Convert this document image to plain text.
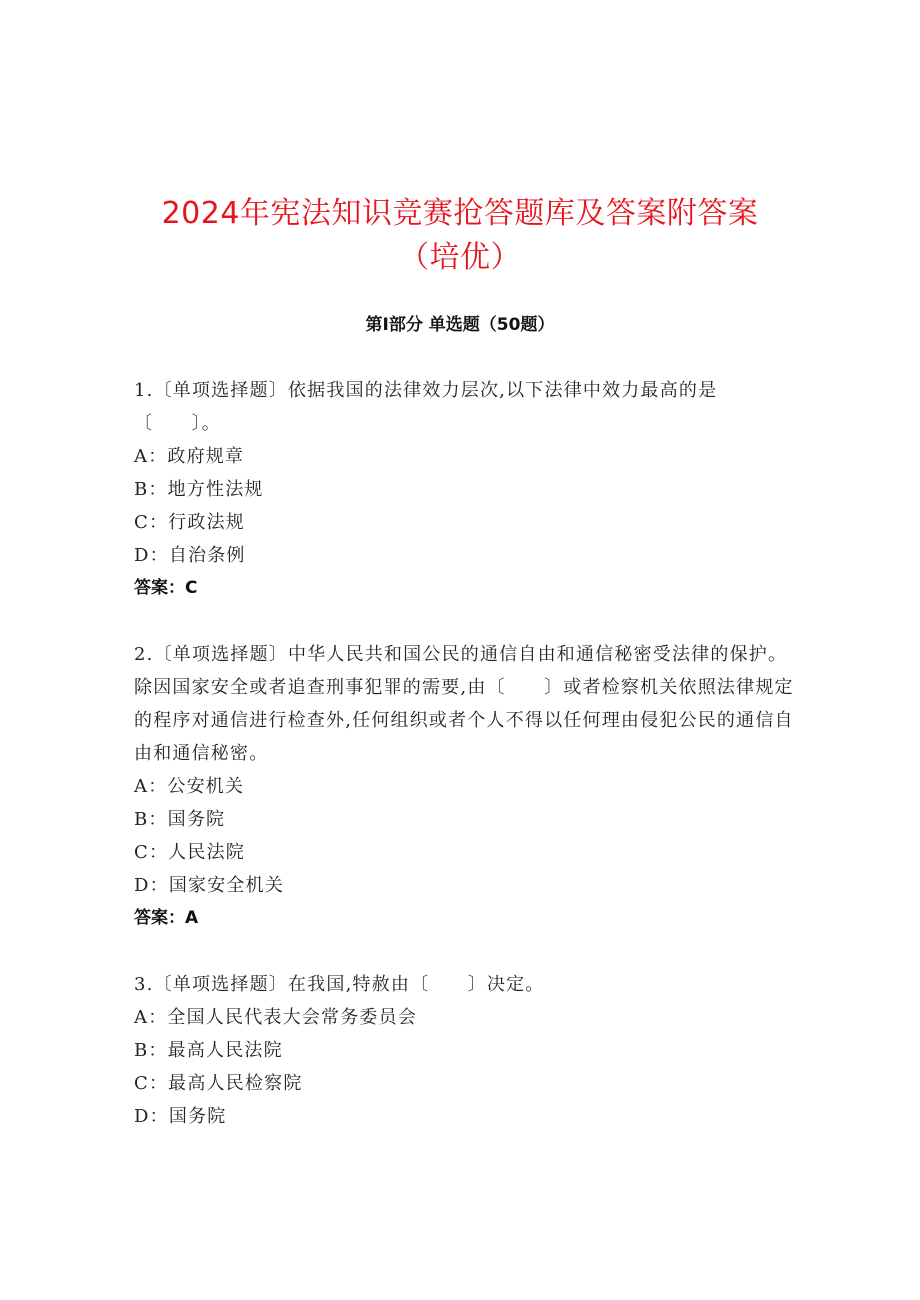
2024年宪法知识竞赛抢答题库及答案附答案
（培优）
第Ⅰ部分 单选题（50题）
1.〔单项选择题〕依据我国的法律效力层次,以下法律中效力最高的是〔　　〕。
A：政府规章
B：地方性法规
C：行政法规
D：自治条例
答案：C
2.〔单项选择题〕中华人民共和国公民的通信自由和通信秘密受法律的保护。除因国家安全或者追查刑事犯罪的需要,由〔　　〕或者检察机关依照法律规定的程序对通信进行检查外,任何组织或者个人不得以任何理由侵犯公民的通信自由和通信秘密。
A：公安机关
B：国务院
C：人民法院
D：国家安全机关
答案：A
3.〔单项选择题〕在我国,特赦由〔　　〕决定。
A：全国人民代表大会常务委员会
B：最高人民法院
C：最高人民检察院
D：国务院
